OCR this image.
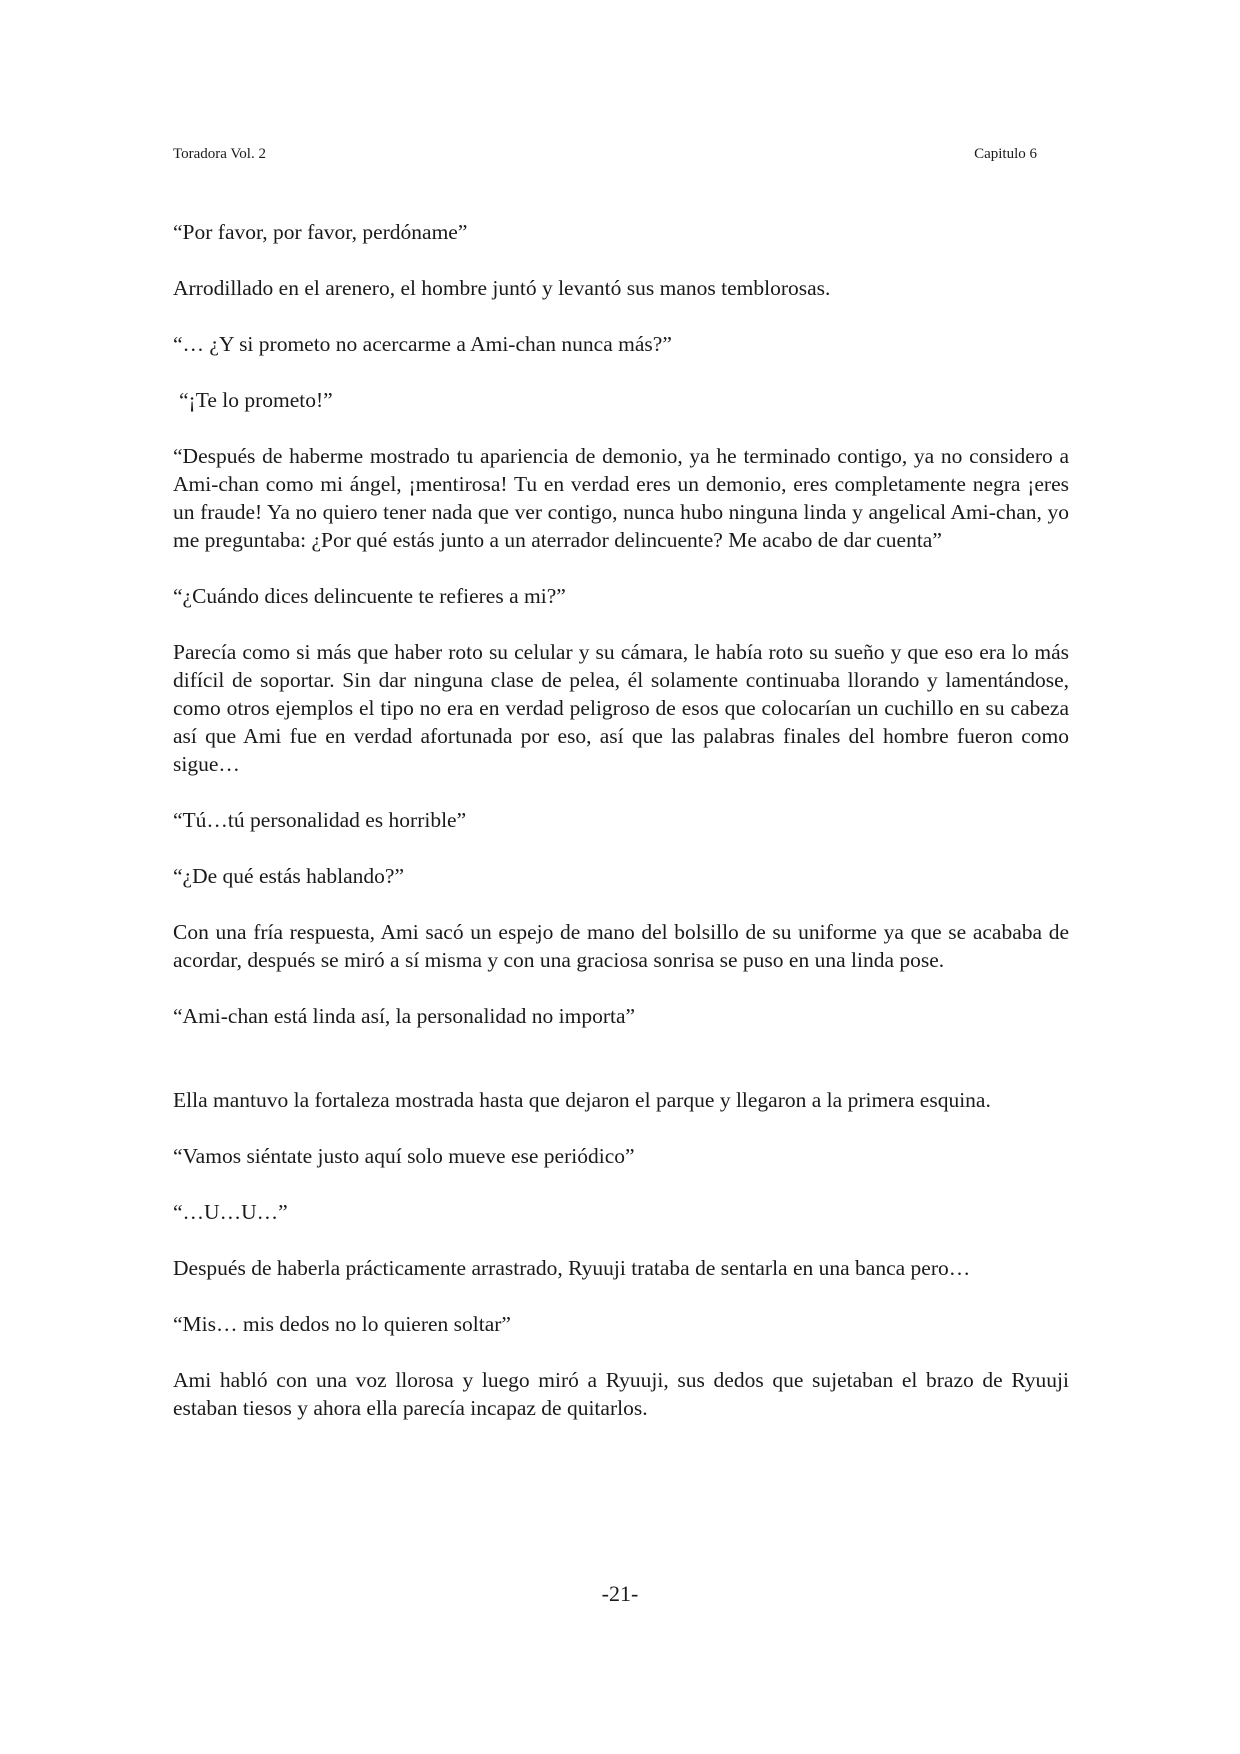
Toradora Vol. 2	Capitulo 6

“Por favor, por favor, perdóname”

Arrodillado en el arenero, el hombre juntó y levantó sus manos temblorosas.

“… ¿Y si prometo no acercarme a Ami-chan nunca más?”

“¡Te lo prometo!”

“Después de haberme mostrado tu apariencia de demonio, ya he terminado contigo, ya no considero a Ami-chan como mi ángel, ¡mentirosa! Tu en verdad eres un demonio, eres completamente negra ¡eres un fraude! Ya no quiero tener nada que ver contigo, nunca hubo ninguna linda y angelical Ami-chan, yo me preguntaba: ¿Por qué estás junto a un aterrador delincuente? Me acabo de dar cuenta”

“¿Cuándo dices delincuente te refieres a mi?”

Parecía como si más que haber roto su celular y su cámara, le había roto su sueño y que eso era lo más difícil de soportar. Sin dar ninguna clase de pelea, él solamente continuaba llorando y lamentándose, como otros ejemplos el tipo no era en verdad peligroso de esos que colocarían un cuchillo en su cabeza así que Ami fue en verdad afortunada por eso, así que las palabras finales del hombre fueron como sigue…

“Tú…tú personalidad es horrible”

“¿De qué estás hablando?”

Con una fría respuesta, Ami sacó un espejo de mano del bolsillo de su uniforme ya que se acababa de acordar, después se miró a sí misma y con una graciosa sonrisa se puso en una linda pose.

“Ami-chan está linda así, la personalidad no importa”

Ella mantuvo la fortaleza mostrada hasta que dejaron el parque y llegaron a la primera esquina.

“Vamos siéntate justo aquí solo mueve ese periódico”

“…U…U…”

Después de haberla prácticamente arrastrado, Ryuuji trataba de sentarla en una banca pero…

“Mis… mis dedos no lo quieren soltar”

Ami habló con una voz llorosa y luego miró a Ryuuji, sus dedos que sujetaban el brazo de Ryuuji estaban tiesos y ahora ella parecía incapaz de quitarlos.

-21-
